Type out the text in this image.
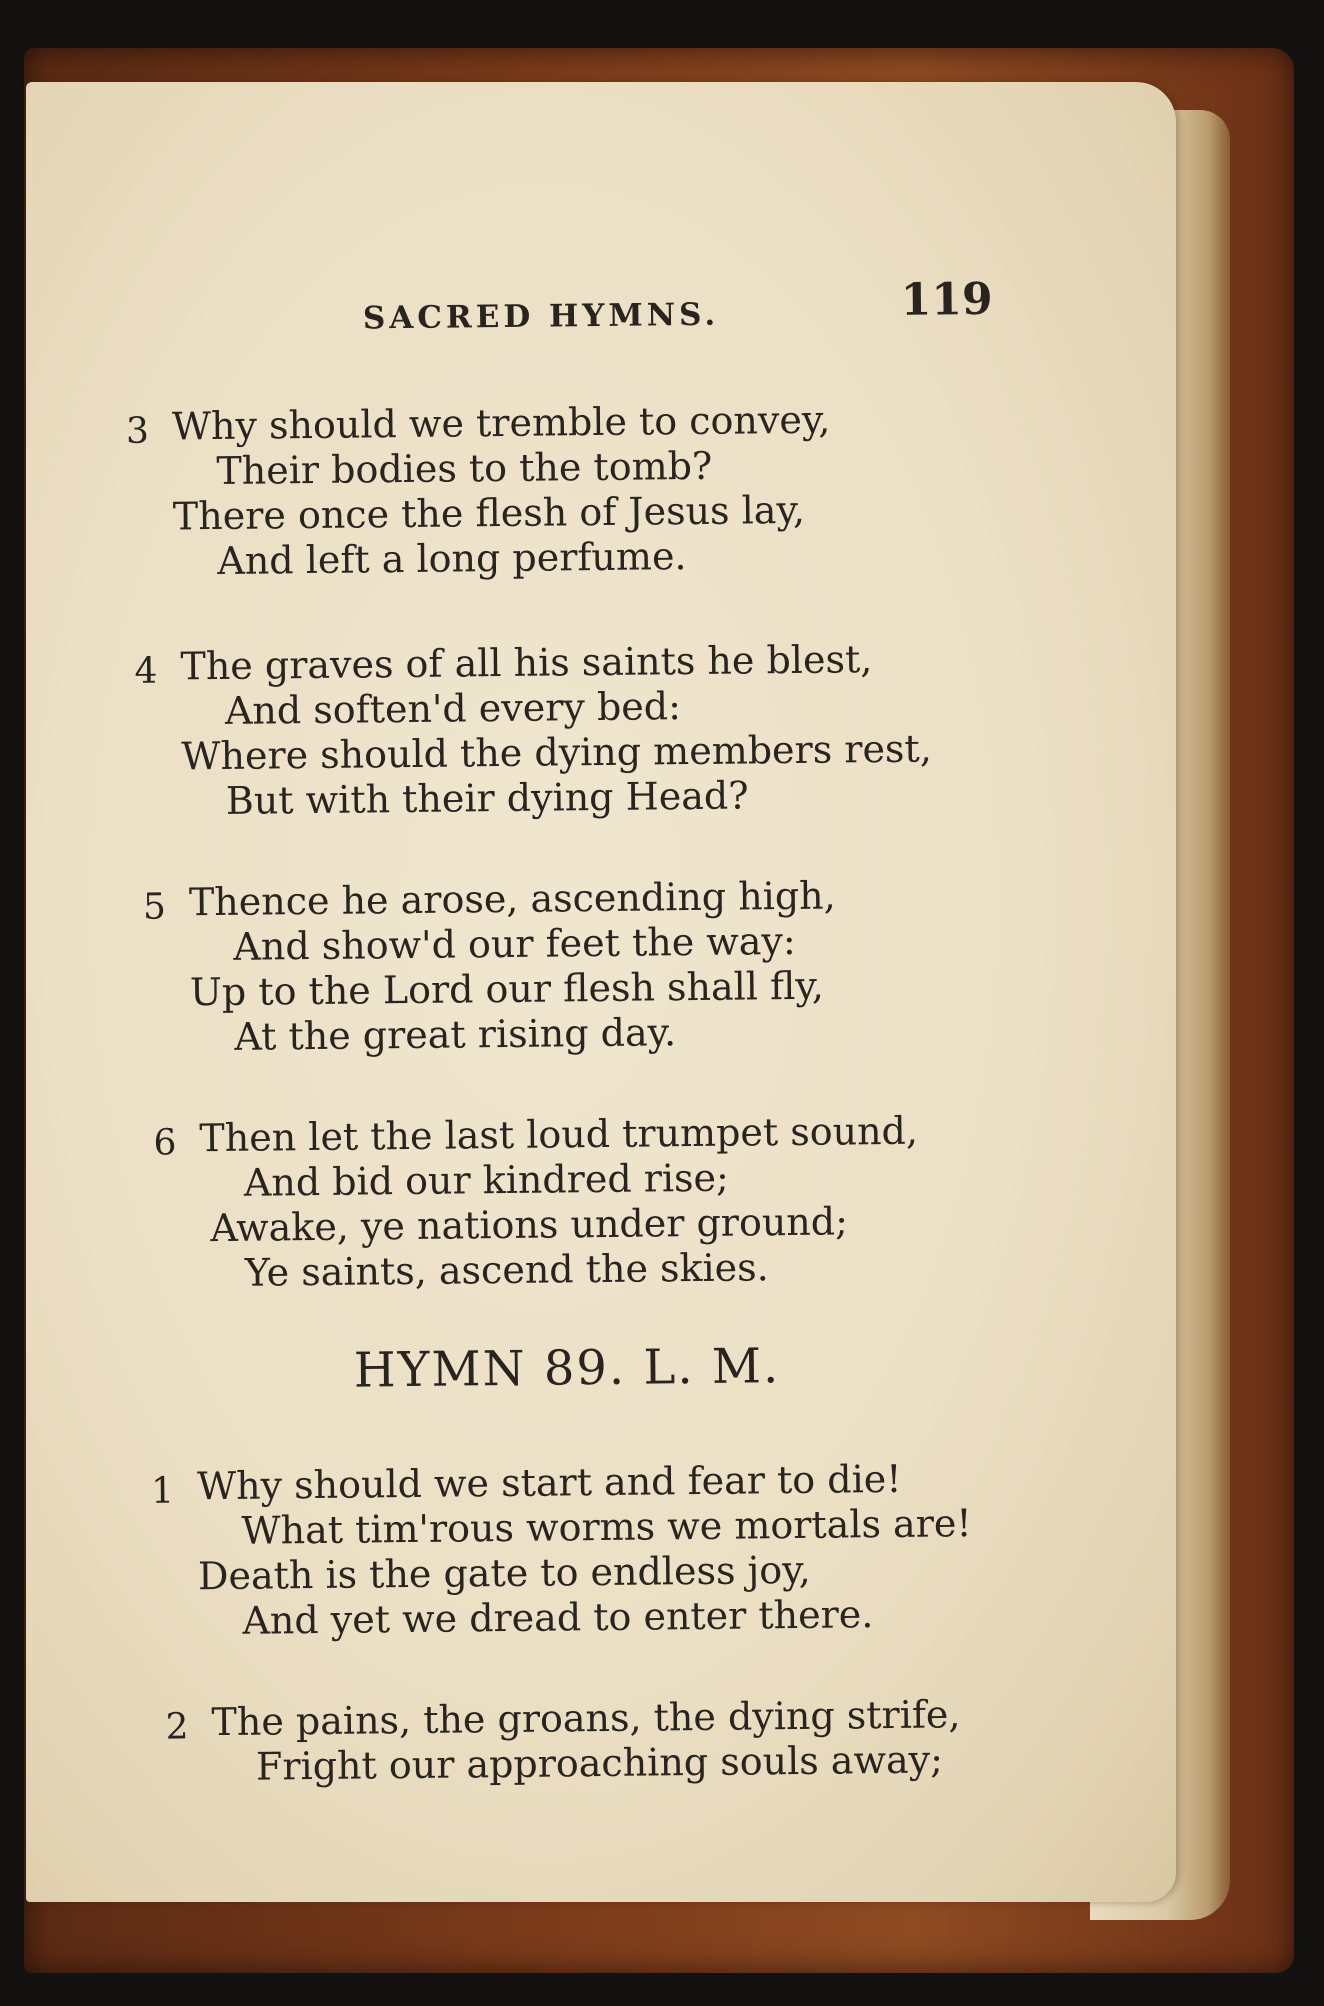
SACRED HYMNS.	119
3 Why should we tremble to convey,
Their bodies to the tomb?
There once the flesh of Jesus lay,
And left a long perfume.
4 The graves of all his saints he blest,
And soften'd every bed:
Where should the dying members rest,
But with their dying Head?
5 Thence he arose, ascending high,
And show'd our feet the way:
Up to the Lord our flesh shall fly,
At the great rising day.
6 Then let the last loud trumpet sound,
And bid our kindred rise;
Awake, ye nations under ground;
Ye saints, ascend the skies.
HYMN 89. L. M.
1 Why should we start and fear to die!
What tim'rous worms we mortals are!
Death is the gate to endless joy,
And yet we dread to enter there.
2 The pains, the groans, the dying strife,
Fright our approaching souls away;
